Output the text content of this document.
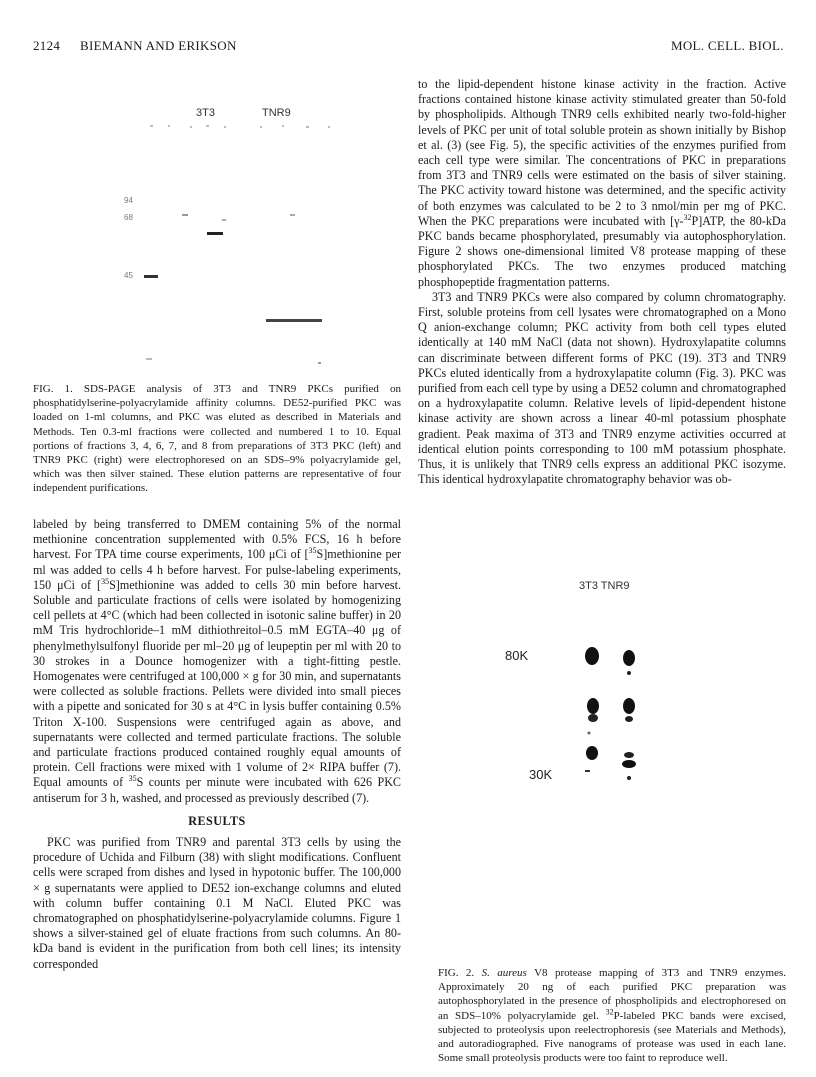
2124 BIEMANN AND ERIKSON	MOL. CELL. BIOL.
3T3	TNR9
94
68
45

FIG. 1. SDS-PAGE analysis of 3T3 and TNR9 PKCs purified on phosphatidylserine-polyacrylamide affinity columns. DE52-purified PKC was loaded on 1-ml columns, and PKC was eluted as described in Materials and Methods. Ten 0.3-ml fractions were collected and numbered 1 to 10. Equal portions of fractions 3, 4, 6, 7, and 8 from preparations of 3T3 PKC (left) and TNR9 PKC (right) were electrophoresed on an SDS–9% polyacrylamide gel, which was then silver stained. These elution patterns are representative of four independent purifications.

labeled by being transferred to DMEM containing 5% of the normal methionine concentration supplemented with 0.5% FCS, 16 h before harvest. For TPA time course experiments, 100 μCi of [$^{35}$S]methionine per ml was added to cells 4 h before harvest. For pulse-labeling experiments, 150 μCi of [$^{35}$S]methionine was added to cells 30 min before harvest. Soluble and particulate fractions of cells were isolated by homogenizing cell pellets at 4°C (which had been collected in isotonic saline buffer) in 20 mM Tris hydrochloride–1 mM dithiothreitol–0.5 mM EGTA–40 μg of phenylmethylsulfonyl fluoride per ml–20 μg of leupeptin per ml with 20 to 30 strokes in a Dounce homogenizer with a tight-fitting pestle. Homogenates were centrifuged at 100,000 × g for 30 min, and supernatants were collected as soluble fractions. Pellets were divided into small pieces with a pipette and sonicated for 30 s at 4°C in lysis buffer containing 0.5% Triton X-100. Suspensions were centrifuged again as above, and supernatants were collected and termed particulate fractions. The soluble and particulate fractions produced contained roughly equal amounts of protein. Cell fractions were mixed with 1 volume of 2× RIPA buffer (7). Equal amounts of $^{35}$S counts per minute were incubated with 626 PKC antiserum for 3 h, washed, and processed as previously described (7).

RESULTS

PKC was purified from TNR9 and parental 3T3 cells by using the procedure of Uchida and Filburn (38) with slight modifications. Confluent cells were scraped from dishes and lysed in hypotonic buffer. The 100,000 × g supernatants were applied to DE52 ion-exchange columns and eluted with column buffer containing 0.1 M NaCl. Eluted PKC was chromatographed on phosphatidylserine-polyacrylamide columns. Figure 1 shows a silver-stained gel of eluate fractions from such columns. An 80-kDa band is evident in the purification from both cell lines; its intensity corresponded

to the lipid-dependent histone kinase activity in the fraction. Active fractions contained histone kinase activity stimulated greater than 50-fold by phospholipids. Although TNR9 cells exhibited nearly two-fold-higher levels of PKC per unit of total soluble protein as shown initially by Bishop et al. (3) (see Fig. 5), the specific activities of the enzymes purified from each cell type were similar. The concentrations of PKC in preparations from 3T3 and TNR9 cells were estimated on the basis of silver staining. The PKC activity toward histone was determined, and the specific activity of both enzymes was calculated to be 2 to 3 nmol/min per mg of PKC. When the PKC preparations were incubated with [γ-$^{32}$P]ATP, the 80-kDa PKC bands became phosphorylated, presumably via autophosphorylation. Figure 2 shows one-dimensional limited V8 protease mapping of these phosphorylated PKCs. The two enzymes produced matching phosphopeptide fragmentation patterns.

3T3 and TNR9 PKCs were also compared by column chromatography. First, soluble proteins from cell lysates were chromatographed on a Mono Q anion-exchange column; PKC activity from both cell types eluted identically at 140 mM NaCl (data not shown). Hydroxylapatite columns can discriminate between different forms of PKC (19). 3T3 and TNR9 PKCs eluted identically from a hydroxylapatite column (Fig. 3). PKC was purified from each cell type by using a DE52 column and chromatographed on a hydroxylapatite column. Relative levels of lipid-dependent histone kinase activity are shown across a linear 40-ml potassium phosphate gradient. Peak maxima of 3T3 and TNR9 enzyme activities occurred at identical elution points corresponding to 100 mM potassium phosphate. Thus, it is unlikely that TNR9 cells express an additional PKC isozyme. This identical hydroxylapatite chromatography behavior was ob-

3T3 TNR9
80K
30K

FIG. 2. S. aureus V8 protease mapping of 3T3 and TNR9 enzymes. Approximately 20 ng of each purified PKC preparation was autophosphorylated in the presence of phospholipids and electrophoresed on an SDS–10% polyacrylamide gel. $^{32}$P-labeled PKC bands were excised, subjected to proteolysis upon reelectrophoresis (see Materials and Methods), and autoradiographed. Five nanograms of protease was used in each lane. Some small proteolysis products were too faint to reproduce well.
